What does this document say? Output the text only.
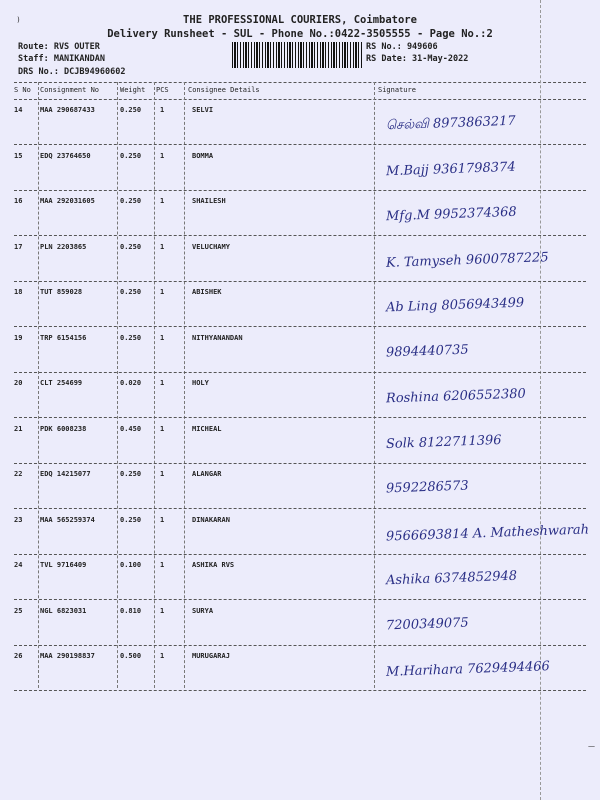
THE PROFESSIONAL COURIERS, Coimbatore
Delivery Runsheet - SUL - Phone No.:0422-3505555 - Page No.:2
Route: RVS OUTER
Staff: MANIKANDAN
DRS No.: DCJB94960602
RS No.: 949606
RS Date: 31-May-2022
S No Consignment No	Weight PCS	Consignee Details	Signature
14	MAA 290687433	0.250	1	SELVI
செல்வி 8973863217
15	EDQ 23764650	0.250	1	BOMMA
M.Bajj 9361798374
16	MAA 292031605	0.250	1	SHAILESH
Mfg.M 9952374368
17	PLN 2203865	0.250	1	VELUCHAMY
K. Tamyseh 9600787225
18	TUT 859028	0.250	1	ABISHEK
Ab Ling 8056943499
19	TRP 6154156	0.250	1	NITHYANANDAN
9894440735
20	CLT 254699	0.020	1	HOLY
Roshina 6206552380
21	PDK 6008238	0.450	1	MICHEAL
Solk 8122711396
22	EDQ 14215077	0.250	1	ALANGAR
9592286573
23	MAA 565259374	0.250	1	DINAKARAN
9566693814 A. Matheshwarah
24	TVL 9716409	0.100	1	ASHIKA RVS
Ashika 6374852948
25	NGL 6823031	0.810	1	SURYA
7200349075
26	MAA 290198837	0.500	1	MURUGARAJ
M.Harihara 7629494466
)
—
